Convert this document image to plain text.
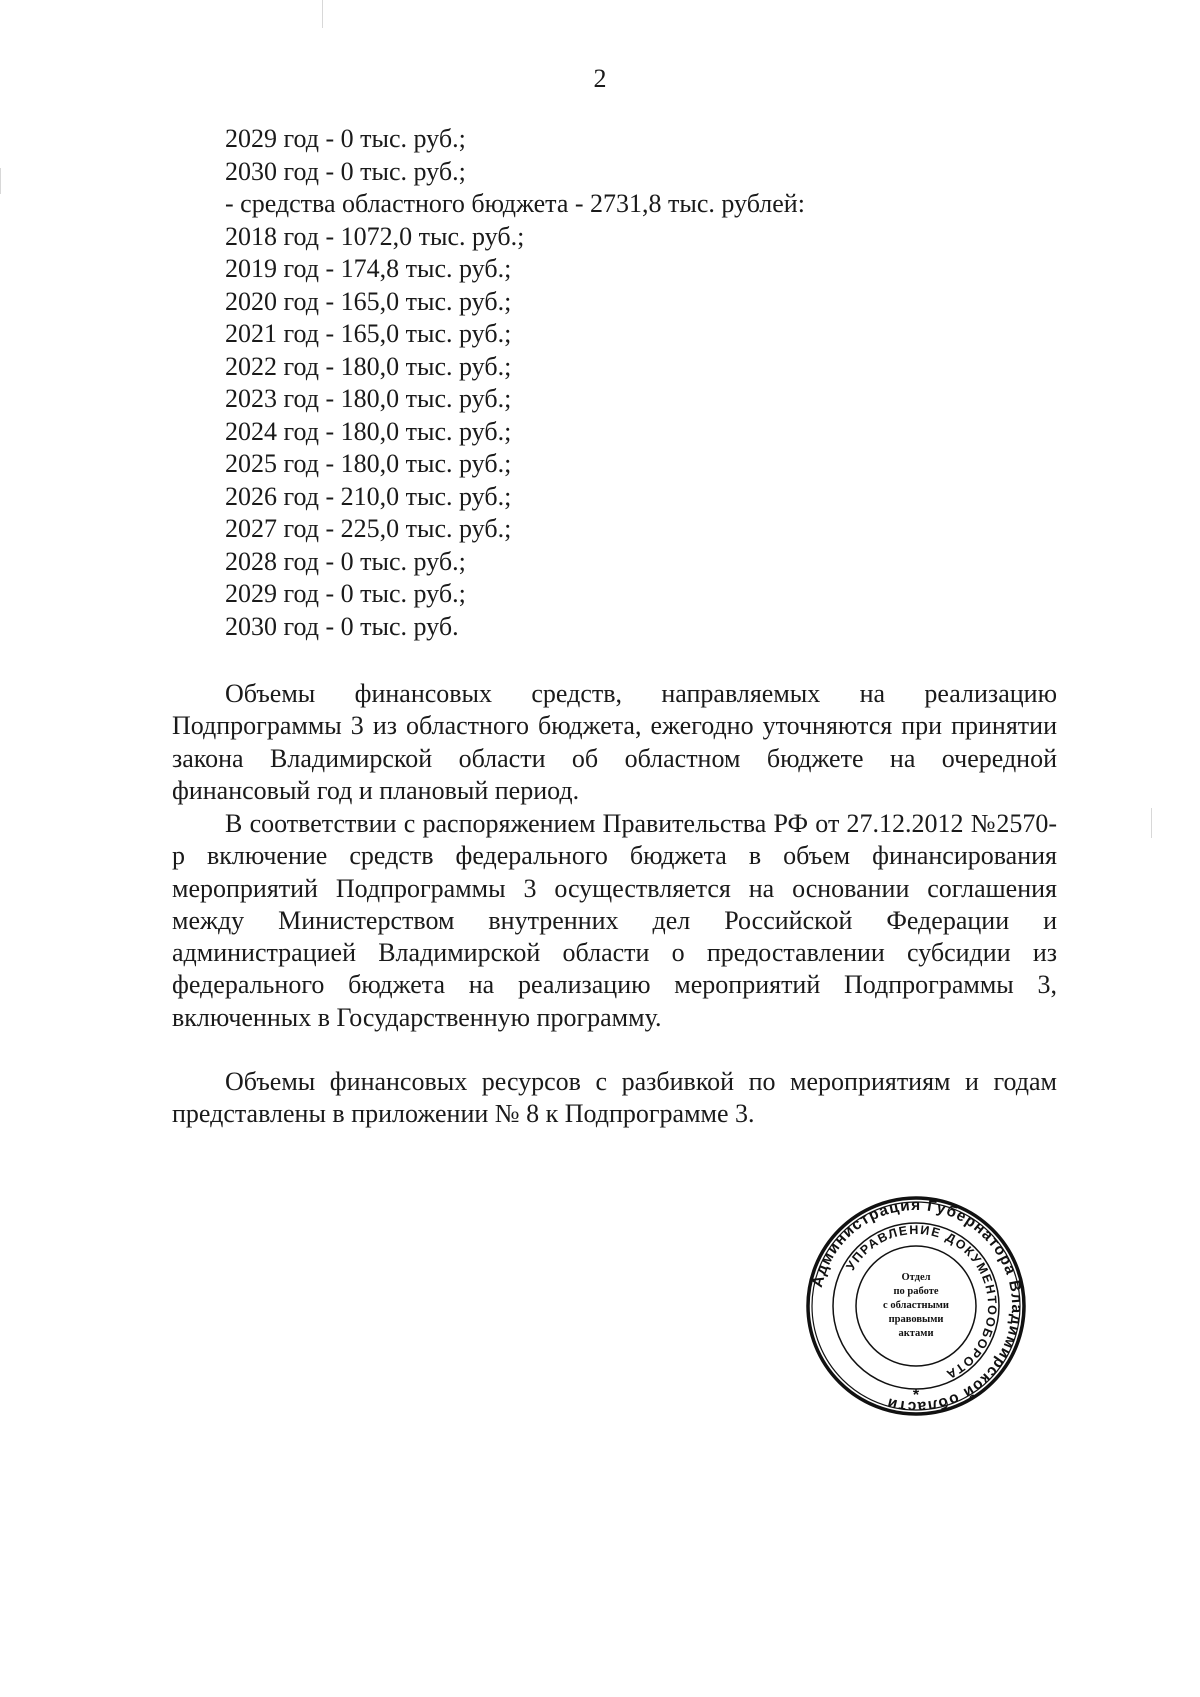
2
2029 год - 0 тыс. руб.;
2030 год - 0 тыс. руб.;
- средства областного бюджета - 2731,8 тыс. рублей:
2018 год - 1072,0 тыс. руб.;
2019 год - 174,8 тыс. руб.;
2020 год - 165,0 тыс. руб.;
2021 год - 165,0 тыс. руб.;
2022 год - 180,0 тыс. руб.;
2023 год - 180,0 тыс. руб.;
2024 год - 180,0 тыс. руб.;
2025 год - 180,0 тыс. руб.;
2026 год - 210,0 тыс. руб.;
2027 год - 225,0 тыс. руб.;
2028 год - 0 тыс. руб.;
2029 год - 0 тыс. руб.;
2030 год - 0 тыс. руб.

Объемы финансовых средств, направляемых на реализацию Подпрограммы 3 из областного бюджета, ежегодно уточняются при принятии закона Владимирской области об областном бюджете на очередной финансовый год и плановый период.

В соответствии с распоряжением Правительства РФ от 27.12.2012 №2570-р включение средств федерального бюджета в объем финансирования мероприятий Подпрограммы 3 осуществляется на основании соглашения между Министерством внутренних дел Российской Федерации и администрацией Владимирской области о предоставлении субсидии из федерального бюджета на реализацию мероприятий Подпрограммы 3, включенных в Государственную программу.

Объемы финансовых ресурсов с разбивкой по мероприятиям и годам представлены в приложении № 8 к Подпрограмме 3.

Администрация Губернатора Владимирской области
УПРАВЛЕНИЕ ДОКУМЕНТООБОРОТА
*
Отдел
по работе
с областными
правовыми
актами
